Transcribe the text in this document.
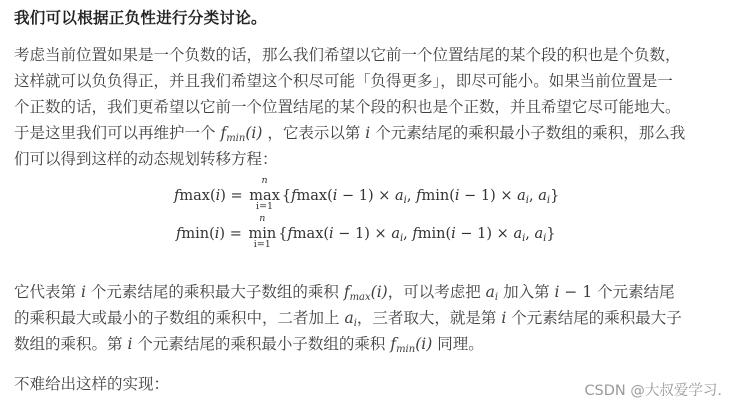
我们可以根据正负性进行分类讨论。
考虑当前位置如果是一个负数的话，那么我们希望以它前一个位置结尾的某个段的积也是个负数，
这样就可以负负得正，并且我们希望这个积尽可能「负得更多」，即尽可能小。如果当前位置是一
个正数的话，我们更希望以它前一个位置结尾的某个段的积也是个正数，并且希望它尽可能地大。
于是这里我们可以再维护一个 $f_{min}(i)$ ，它表示以第 i 个元素结尾的乘积最小子数组的乘积，那么我
们可以得到这样的动态规划转移方程：
fmax(i) =
n
max
i=1
{$fmax(i - 1) \times a_i$, $fmin(i - 1) \times a_i$, $a_i$}
fmin(i) =
n
min
i=1
{$fmax(i - 1) \times a_i$, $fmin(i - 1) \times a_i$, $a_i$}
它代表第 i 个元素结尾的乘积最大子数组的乘积 $f_{max}(i)$，可以考虑把 $a_i$ 加入第 i − 1 个元素结尾
的乘积最大或最小的子数组的乘积中，二者加上 $a_i$，三者取大，就是第 i 个元素结尾的乘积最大子
数组的乘积。第 i 个元素结尾的乘积最小子数组的乘积 $f_{min}(i)$ 同理。
不难给出这样的实现：	CSDN @大叔爱学习.
